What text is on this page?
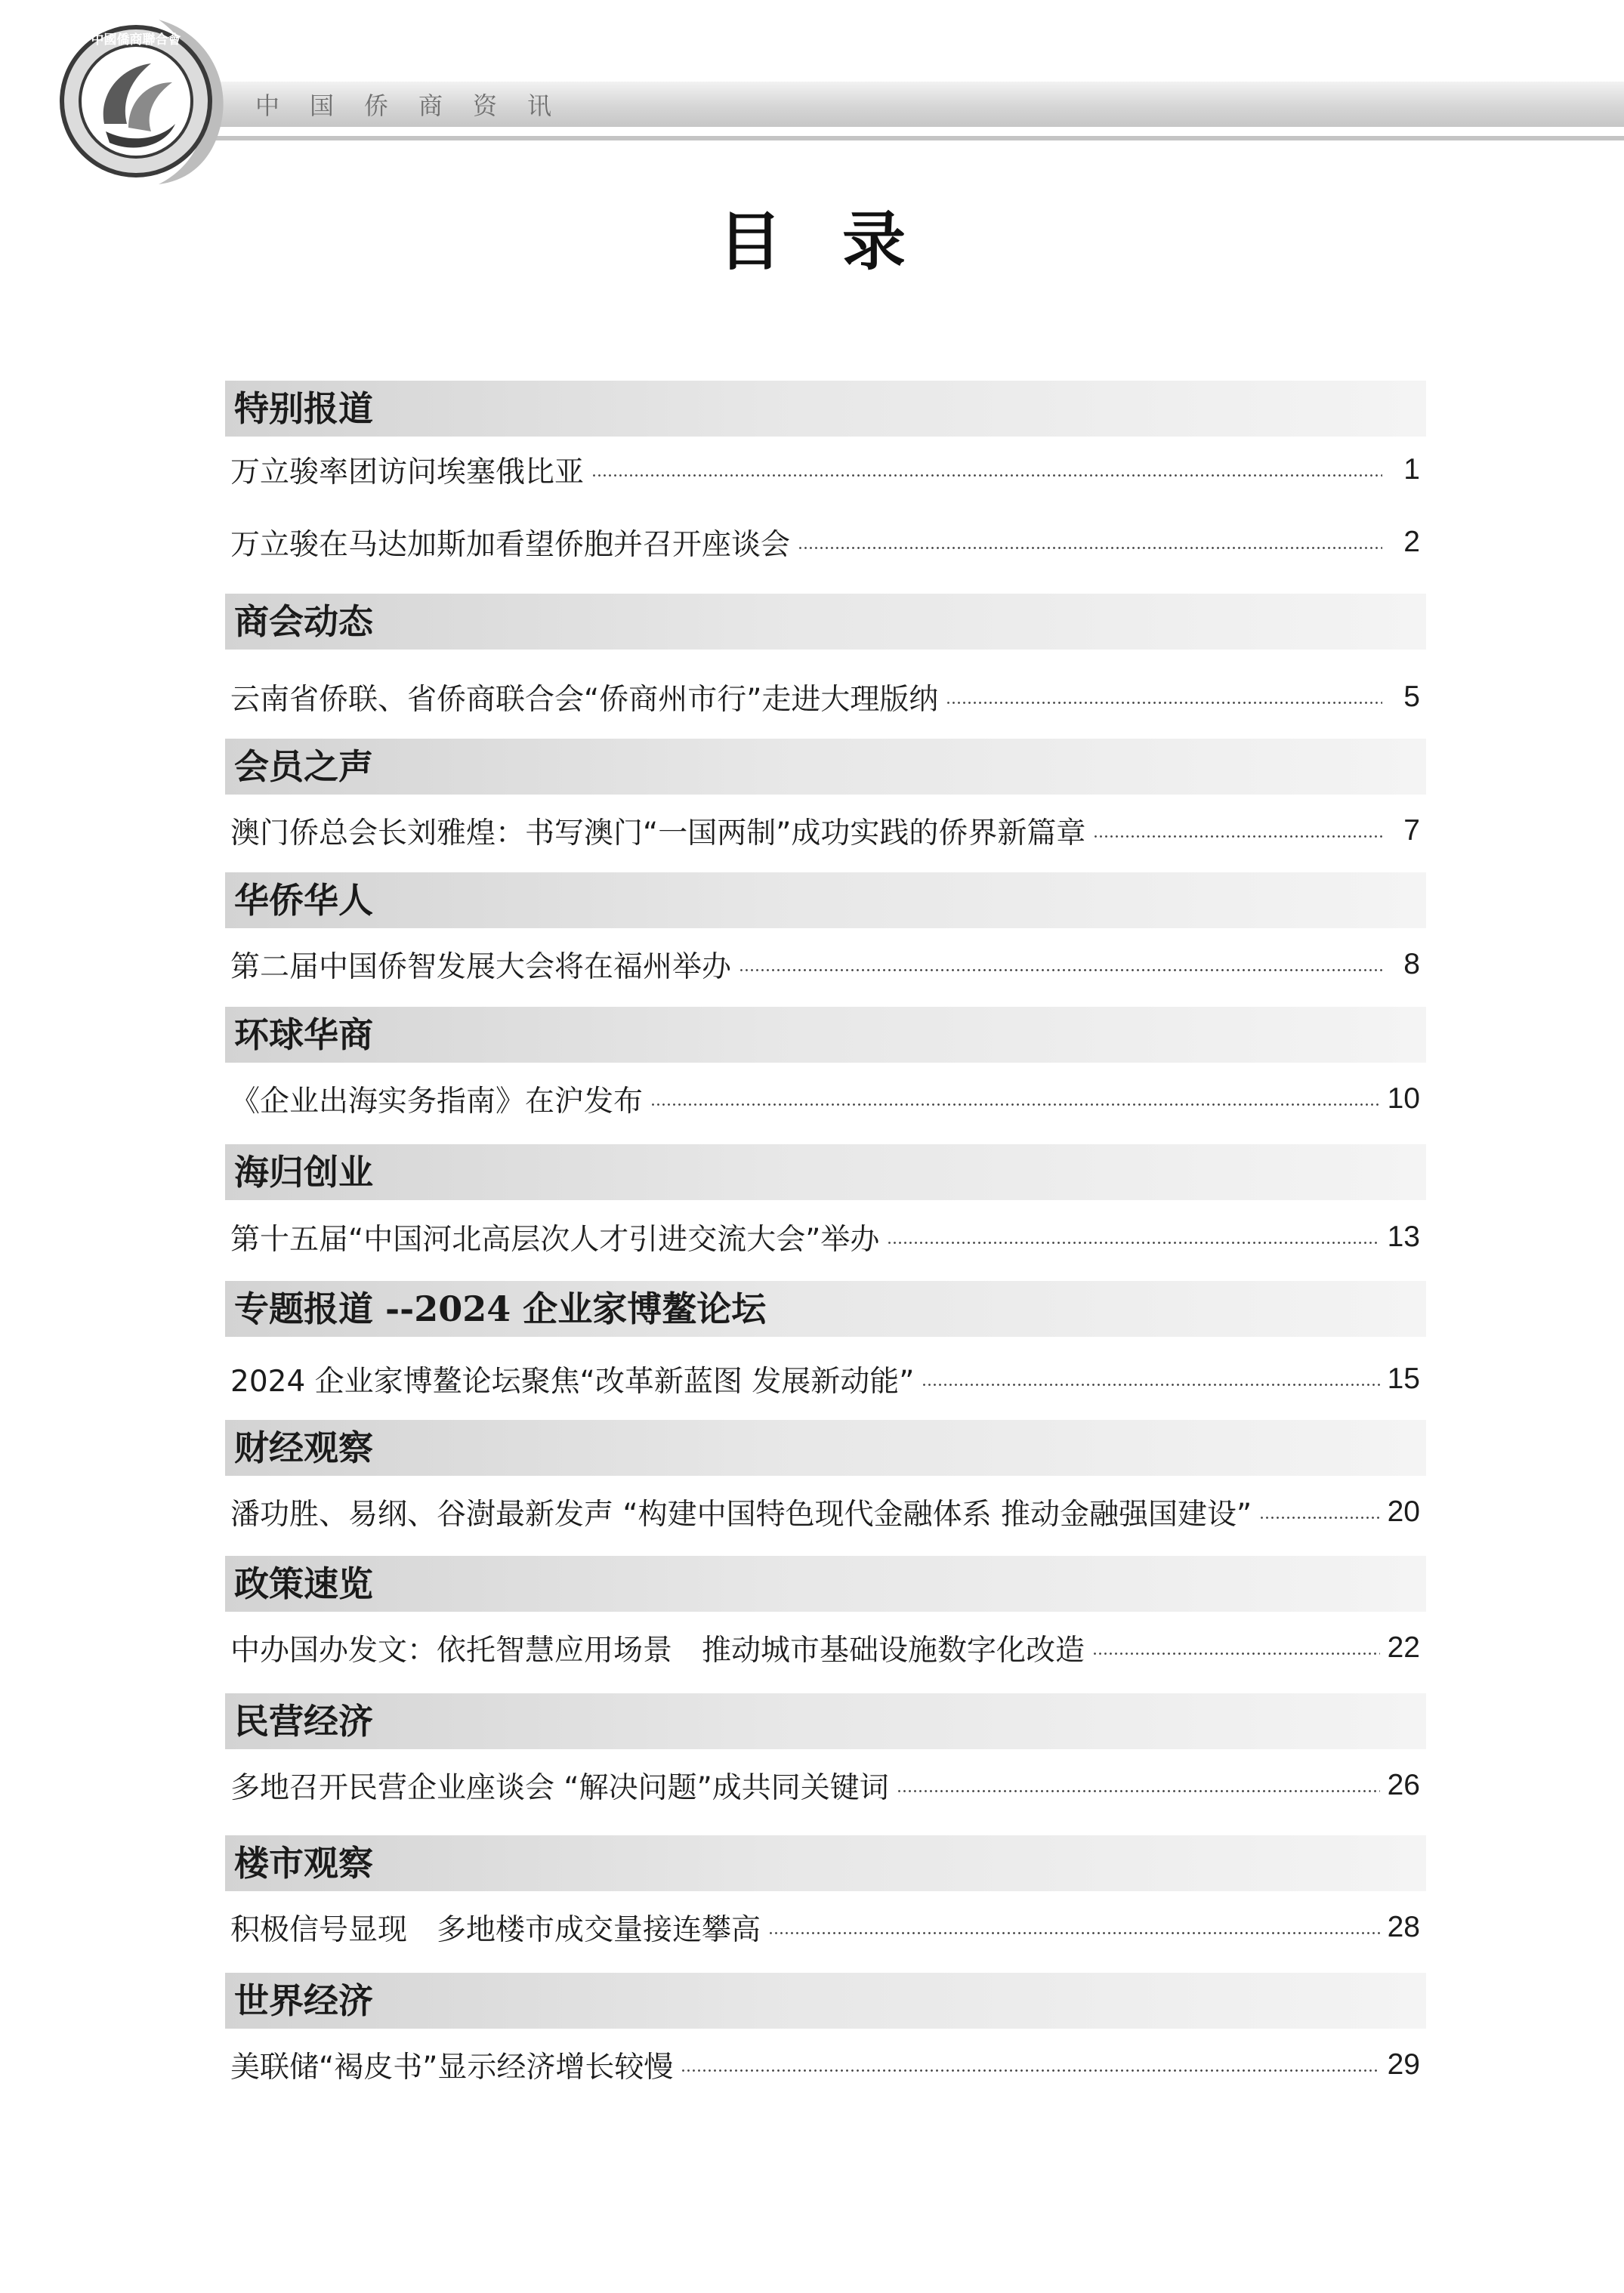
中国侨商资讯
中國僑商聯合會
目录
特别报道
万立骏率团访问埃塞俄比亚	1
万立骏在马达加斯加看望侨胞并召开座谈会	2
商会动态
云南省侨联、省侨商联合会“侨商州市行”走进大理版纳	5
会员之声
澳门侨总会长刘雅煌：书写澳门“一国两制”成功实践的侨界新篇章	7
华侨华人
第二届中国侨智发展大会将在福州举办	8
环球华商
《企业出海实务指南》在沪发布	10
海归创业
第十五届“中国河北高层次人才引进交流大会”举办	13
专题报道 --2024 企业家博鳌论坛
2024 企业家博鳌论坛聚焦“改革新蓝图 发展新动能”	15
财经观察
潘功胜、易纲、谷澍最新发声 “构建中国特色现代金融体系 推动金融强国建设”	20
政策速览
中办国办发文：依托智慧应用场景　推动城市基础设施数字化改造	22
民营经济
多地召开民营企业座谈会 “解决问题”成共同关键词	26
楼市观察
积极信号显现　多地楼市成交量接连攀高	28
世界经济
美联储“褐皮书”显示经济增长较慢	29
